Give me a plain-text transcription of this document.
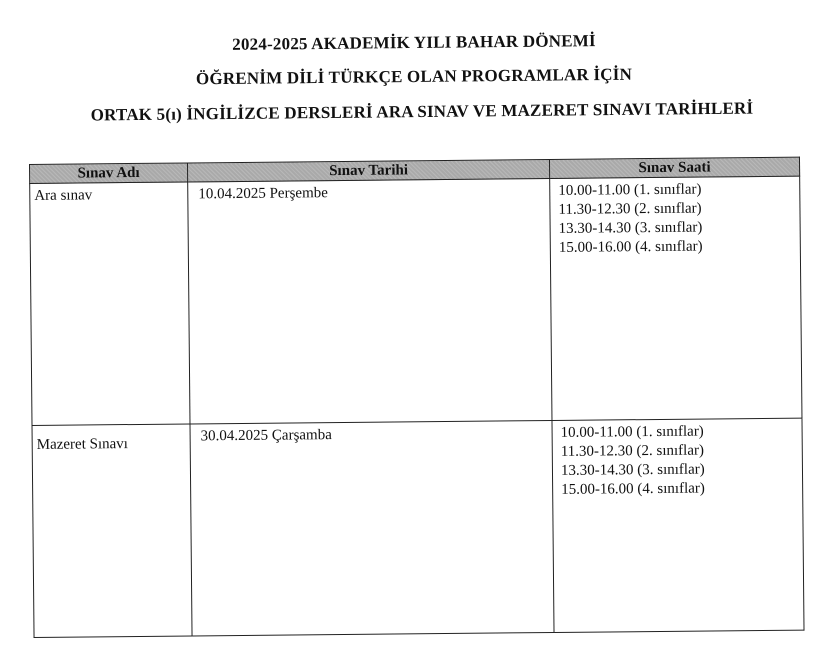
2024-2025 AKADEMİK YILI BAHAR DÖNEMİ
ÖĞRENİM DİLİ TÜRKÇE OLAN PROGRAMLAR İÇİN
ORTAK 5(ı) İNGİLİZCE DERSLERİ ARA SINAV VE MAZERET SINAVI TARİHLERİ
Sınav Adı	Sınav Tarihi	Sınav Saati

Ara sınav	10.04.2025 Perşembe	10.00-11.00 (1. sınıflar)
11.30-12.30 (2. sınıflar)
13.30-14.30 (3. sınıflar)
15.00-16.00 (4. sınıflar)

Mazeret Sınavı	30.04.2025 Çarşamba	10.00-11.00 (1. sınıflar)
11.30-12.30 (2. sınıflar)
13.30-14.30 (3. sınıflar)
15.00-16.00 (4. sınıflar)
